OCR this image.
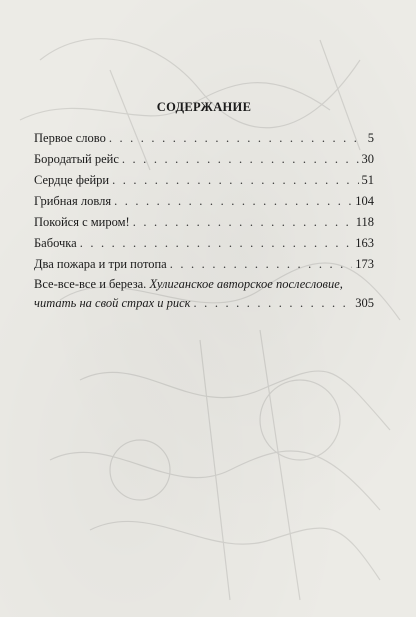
СОДЕРЖАНИЕ
Первое слово . . .	5
Бородатый рейс . . .	30
Сердце фейри . . .	51
Грибная ловля . . .	104
Покойся с миром! . . .	118
Бабочка . . .	163
Два пожара и три потопа . . .	173
Все-все-все и береза. Хулиганское авторское послесловие,
читать на свой страх и риск . . .	305
